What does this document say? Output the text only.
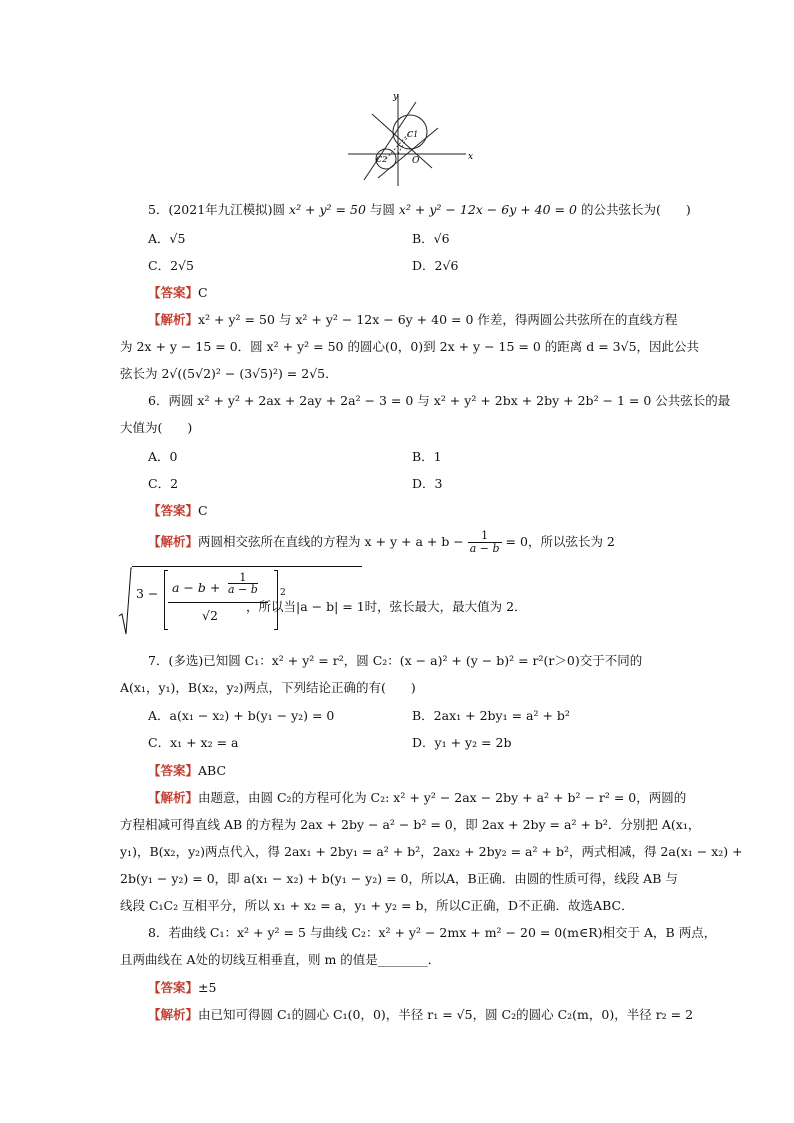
x
y
C1
C2	O
5．(2021年九江模拟)圆 x² + y² = 50 与圆 x² + y² − 12x − 6y + 40 = 0 的公共弦长为(　　)
A．√5	B．√6
C．2√5	D．2√6
【答案】C
【解析】x² + y² = 50 与 x² + y² − 12x − 6y + 40 = 0 作差，得两圆公共弦所在的直线方程
为 2x + y − 15 = 0．圆 x² + y² = 50 的圆心(0，0)到 2x + y − 15 = 0 的距离 d = 3√5，因此公共
弦长为 2√((5√2)² − (3√5)²) = 2√5．
6．两圆 x² + y² + 2ax + 2ay + 2a² − 3 = 0 与 x² + y² + 2bx + 2by + 2b² − 1 = 0 公共弦长的最
大值为(　　)
A．0	B．1
C．2	D．3
【答案】C
【解析】两圆相交弦所在直线的方程为 $x + y + a + b - \frac{1}{a - b} = 0$，所以弦长为 2
$3 - a - b + \frac{1}{a - b}$
√2
2
，所以当|a − b| = 1时，弦长最大，最大值为 2．
7．(多选)已知圆 C₁：x² + y² = r²，圆 C₂：(x − a)² + (y − b)² = r²(r＞0)交于不同的
A(x₁，y₁)，B(x₂，y₂)两点，下列结论正确的有(　　)
A．a(x₁ − x₂) + b(y₁ − y₂) = 0	B．2ax₁ + 2by₁ = a² + b²
C．x₁ + x₂ = a	D．y₁ + y₂ = 2b
【答案】ABC
【解析】由题意，由圆 C₂的方程可化为 C₂: x² + y² − 2ax − 2by + a² + b² − r² = 0，两圆的
方程相减可得直线 AB 的方程为 2ax + 2by − a² − b² = 0，即 2ax + 2by = a² + b²．分别把 A(x₁，
y₁)，B(x₂，y₂)两点代入，得 2ax₁ + 2by₁ = a² + b²，2ax₂ + 2by₂ = a² + b²，两式相减，得 2a(x₁ − x₂) +
2b(y₁ − y₂) = 0，即 a(x₁ − x₂) + b(y₁ − y₂) = 0，所以A，B正确．由圆的性质可得，线段 AB 与
线段 C₁C₂ 互相平分，所以 x₁ + x₂ = a，y₁ + y₂ = b，所以C正确，D不正确．故选ABC．
8．若曲线 C₁：x² + y² = 5 与曲线 C₂：x² + y² − 2mx + m² − 20 = 0(m∈R)相交于 A，B 两点，
且两曲线在 A处的切线互相垂直，则 m 的值是________．
【答案】±5
【解析】由已知可得圆 C₁的圆心 C₁(0，0)，半径 r₁ = √5，圆 C₂的圆心 C₂(m，0)，半径 r₂ = 2
